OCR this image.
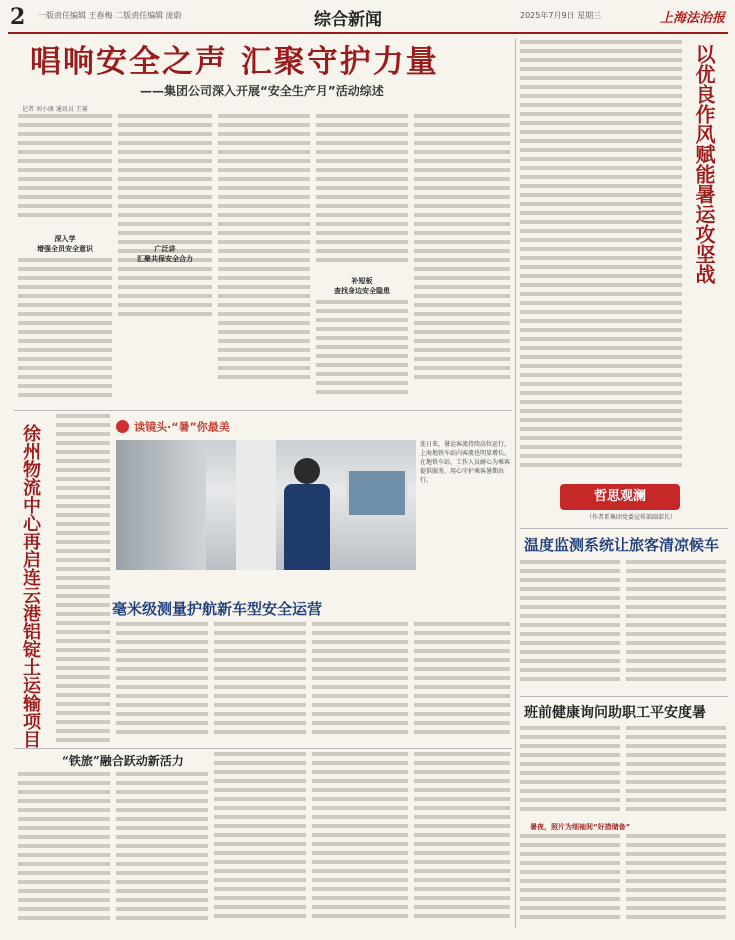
2 一版责任编辑 王春梅 二版责任编辑 庞蔚	综合新闻	2025年7月9日 星期三	上海法治报
唱响安全之声 汇聚守护力量
——集团公司深入开展“安全生产月”活动综述
记者 刘小康 通讯员 王赛
深入学
增强全员安全意识	广泛讲
汇聚共保安全合力
补短板
查找身边安全隐患
读镜头·“暑”你最美
连日来，暑运客流持续高位运行，上海地铁车站内客流也明显增长。在地铁车站，工作人员耐心为乘客提供服务，用心守护乘客暑期出行。
徐州物流中心再启连云港铝锭土运输项目	毫米级测量护航新车型安全运营
“铁旅”融合跃动新活力
以优良作风赋能暑运攻坚战
哲思观澜
（作者系集团党委宣传部副部长）
温度监测系统让旅客清凉候车
班前健康询问助职工平安度暑
暑夜，照片为细袖间“好措储备”
